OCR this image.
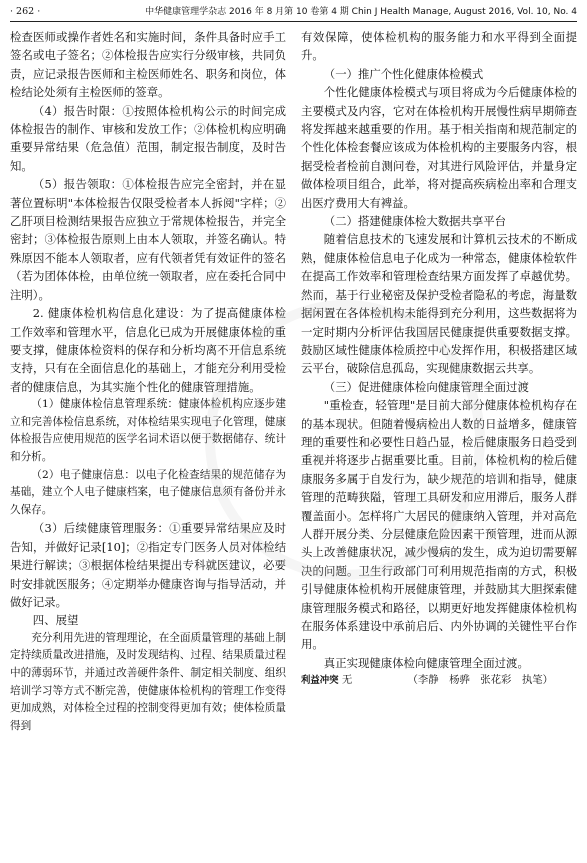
· 262 ·	中华健康管理学杂志 2016 年 8 月第 10 卷第 4 期 Chin J Health Manage, August 2016, Vol. 10, No. 4

检查医师或操作者姓名和实施时间，条件具备时应手工签名或电子签名；②体检报告应实行分级审核，共同负责，应记录报告医师和主检医师姓名、职务和岗位，体检结论处须有主检医师的签章。

（4）报告时限：①按照体检机构公示的时间完成体检报告的制作、审核和发放工作；②体检机构应明确重要异常结果（危急值）范围，制定报告制度，及时告知。

（5）报告领取：①体检报告应完全密封，并在显著位置标明"本体检报告仅限受检者本人拆阅"字样；②乙肝项目检测结果报告应独立于常规体检报告，并完全密封；③体检报告原则上由本人领取，并签名确认。特殊原因不能本人领取者，应有代领者凭有效证件的签名（若为团体体检，由单位统一领取者，应在委托合同中注明）。

2. 健康体检机构信息化建设：为了提高健康体检工作效率和管理水平，信息化已成为开展健康体检的重要支撑，健康体检资料的保存和分析均离不开信息系统支持，只有在全面信息化的基础上，才能充分利用受检者的健康信息，为其实施个性化的健康管理措施。

（1）健康体检信息管理系统：健康体检机构应逐步建立和完善体检信息系统，对体检结果实现电子化管理，健康体检报告应使用规范的医学名词术语以便于数据储存、统计和分析。

（2）电子健康信息：以电子化检查结果的规范储存为基础，建立个人电子健康档案，电子健康信息须有备份并永久保存。

（3）后续健康管理服务：①重要异常结果应及时告知，并做好记录[10]；②指定专门医务人员对体检结果进行解读；③根据体检结果提出专科就医建议，必要时安排就医服务；④定期举办健康咨询与指导活动，并做好记录。

四、展望

充分利用先进的管理理论，在全面质量管理的基础上制定持续质量改进措施，及时发现结构、过程、结果质量过程中的薄弱环节，并通过改善硬件条件、制定相关制度、组织培训学习等方式不断完善，使健康体检机构的管理工作变得更加成熟，对体检全过程的控制变得更加有效；使体检质量得到

有效保障，使体检机构的服务能力和水平得到全面提升。

（一）推广个性化健康体检模式

个性化健康体检模式与项目将成为今后健康体检的主要模式及内容，它对在体检机构开展慢性病早期筛查将发挥越来越重要的作用。基于相关指南和规范制定的个性化体检套餐应该成为体检机构的主要服务内容，根据受检者检前自测问卷，对其进行风险评估，并量身定做体检项目组合，此举，将对提高疾病检出率和合理支出医疗费用大有裨益。

（二）搭建健康体检大数据共享平台

随着信息技术的飞速发展和计算机云技术的不断成熟，健康体检信息电子化成为一种常态，健康体检软件在提高工作效率和管理检查结果方面发挥了卓越优势。然而，基于行业秘密及保护受检者隐私的考虑，海量数据闲置在各体检机构未能得到充分利用，这些数据将为一定时期内分析评估我国居民健康提供重要数据支撑。鼓励区域性健康体检质控中心发挥作用，积极搭建区域云平台，破除信息孤岛，实现健康数据云共享。

（三）促进健康体检向健康管理全面过渡

"重检查，轻管理"是目前大部分健康体检机构存在的基本现状。但随着慢病检出人数的日益增多，健康管理的重要性和必要性日趋凸显，检后健康服务日趋受到重视并将逐步占据重要比重。目前，体检机构的检后健康服务多属于自发行为，缺少规范的培训和指导，健康管理的范畴狭隘，管理工具研发和应用滞后，服务人群覆盖面小。怎样将广大居民的健康纳入管理，并对高危人群开展分类、分层健康危险因素干预管理，进而从源头上改善健康状况，减少慢病的发生，成为迫切需要解决的问题。卫生行政部门可利用规范指南的方式，积极引导健康体检机构开展健康管理，并鼓励其大胆探索健康管理服务模式和路径，以期更好地发挥健康体检机构在服务体系建设中承前启后、内外协调的关键性平台作用。

真正实现健康体检向健康管理全面过渡。

利益冲突 无	（李静　杨骅　张花彩　执笔）
